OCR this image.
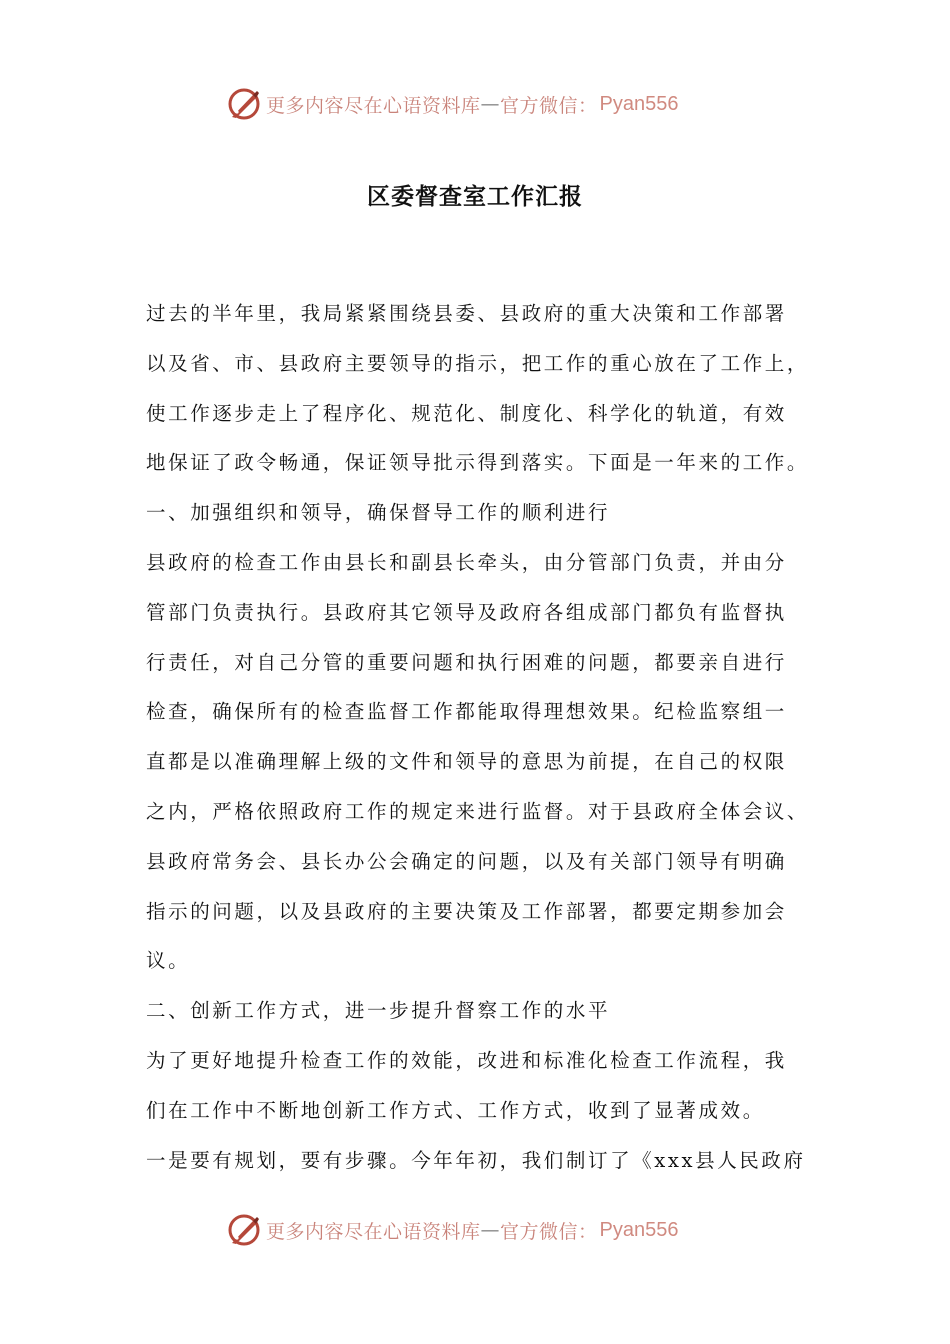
更多内容尽在心语资料库 — 官方微信： Pyan556
区委督查室工作汇报
过去的半年里，我局紧紧围绕县委、县政府的重大决策和工作部署
以及省、市、县政府主要领导的指示，把工作的重心放在了工作上，
使工作逐步走上了程序化、规范化、制度化、科学化的轨道，有效
地保证了政令畅通，保证领导批示得到落实。下面是一年来的工作。
一、加强组织和领导，确保督导工作的顺利进行
县政府的检查工作由县长和副县长牵头，由分管部门负责，并由分
管部门负责执行。县政府其它领导及政府各组成部门都负有监督执
行责任，对自己分管的重要问题和执行困难的问题，都要亲自进行
检查，确保所有的检查监督工作都能取得理想效果。纪检监察组一
直都是以准确理解上级的文件和领导的意思为前提，在自己的权限
之内，严格依照政府工作的规定来进行监督。对于县政府全体会议、
县政府常务会、县长办公会确定的问题，以及有关部门领导有明确
指示的问题，以及县政府的主要决策及工作部署，都要定期参加会
议。
二、创新工作方式，进一步提升督察工作的水平
为了更好地提升检查工作的效能，改进和标准化检查工作流程，我
们在工作中不断地创新工作方式、工作方式，收到了显著成效。
一是要有规划，要有步骤。今年年初，我们制订了《xxx县人民政府
更多内容尽在心语资料库 — 官方微信： Pyan556
